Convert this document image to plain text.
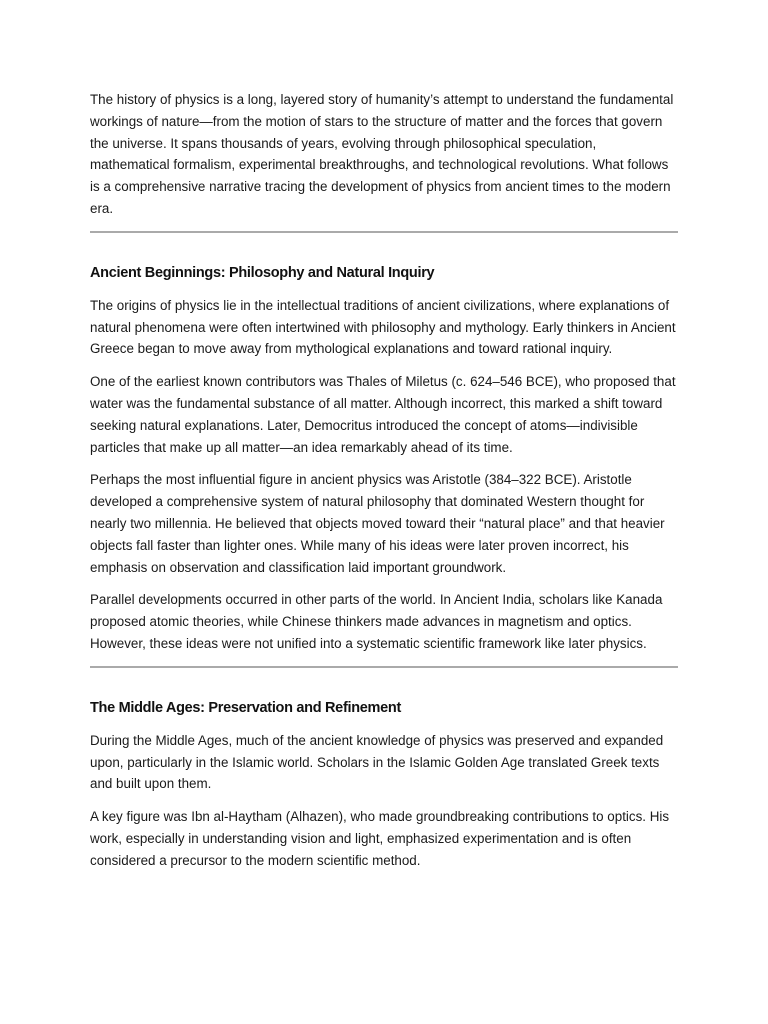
The history of physics is a long, layered story of humanity’s attempt to understand the fundamental workings of nature—from the motion of stars to the structure of matter and the forces that govern the universe. It spans thousands of years, evolving through philosophical speculation, mathematical formalism, experimental breakthroughs, and technological revolutions. What follows is a comprehensive narrative tracing the development of physics from ancient times to the modern era.

Ancient Beginnings: Philosophy and Natural Inquiry

The origins of physics lie in the intellectual traditions of ancient civilizations, where explanations of natural phenomena were often intertwined with philosophy and mythology. Early thinkers in Ancient Greece began to move away from mythological explanations and toward rational inquiry.

One of the earliest known contributors was Thales of Miletus (c. 624–546 BCE), who proposed that water was the fundamental substance of all matter. Although incorrect, this marked a shift toward seeking natural explanations. Later, Democritus introduced the concept of atoms—indivisible particles that make up all matter—an idea remarkably ahead of its time.

Perhaps the most influential figure in ancient physics was Aristotle (384–322 BCE). Aristotle developed a comprehensive system of natural philosophy that dominated Western thought for nearly two millennia. He believed that objects moved toward their “natural place” and that heavier objects fall faster than lighter ones. While many of his ideas were later proven incorrect, his emphasis on observation and classification laid important groundwork.

Parallel developments occurred in other parts of the world. In Ancient India, scholars like Kanada proposed atomic theories, while Chinese thinkers made advances in magnetism and optics. However, these ideas were not unified into a systematic scientific framework like later physics.

The Middle Ages: Preservation and Refinement

During the Middle Ages, much of the ancient knowledge of physics was preserved and expanded upon, particularly in the Islamic world. Scholars in the Islamic Golden Age translated Greek texts and built upon them.

A key figure was Ibn al-Haytham (Alhazen), who made groundbreaking contributions to optics. His work, especially in understanding vision and light, emphasized experimentation and is often considered a precursor to the modern scientific method.
